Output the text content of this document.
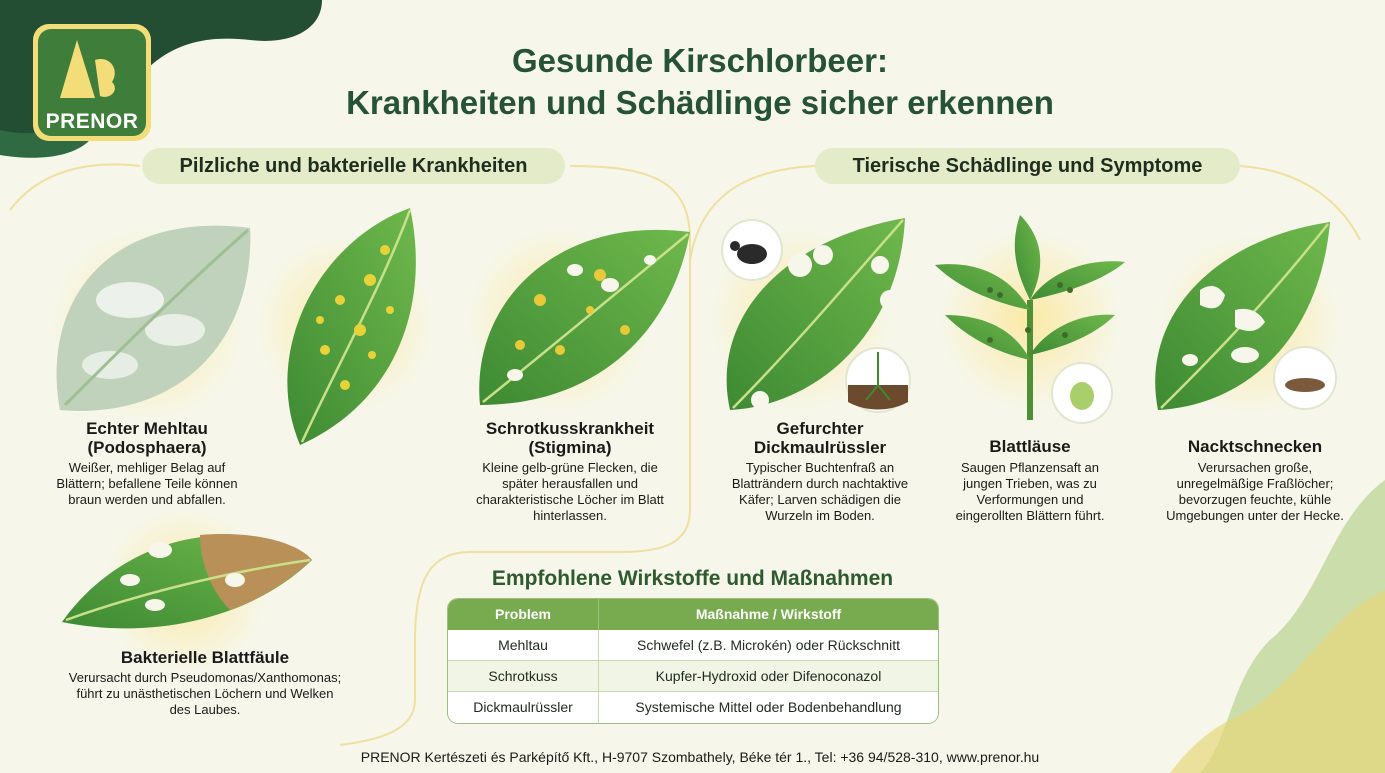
PRENOR
Gesunde Kirschlorbeer:
Krankheiten und Schädlinge sicher erkennen
Pilzliche und bakterielle Krankheiten	Tierische Schädlinge und Symptome
Echter Mehltau
(Podosphaera)
Weißer, mehliger Belag auf
Blättern; befallene Teile können
braun werden und abfallen.
Schrotkusskrankheit
(Stigmina)
Kleine gelb-grüne Flecken, die
später herausfallen und
charakteristische Löcher im Blatt
hinterlassen.
Bakterielle Blattfäule
Verursacht durch Pseudomonas/Xanthomonas;
führt zu unästhetischen Löchern und Welken
des Laubes.
Gefurchter
Dickmaulrüssler
Typischer Buchtenfraß an
Blatträndern durch nachtaktive
Käfer; Larven schädigen die
Wurzeln im Boden.
Blattläuse
Saugen Pflanzensaft an
jungen Trieben, was zu
Verformungen und
eingerollten Blättern führt.
Nacktschnecken
Verursachen große,
unregelmäßige Fraßlöcher;
bevorzugen feuchte, kühle
Umgebungen unter der Hecke.
Empfohlene Wirkstoffe und Maßnahmen
Problem	Maßnahme / Wirkstoff
Mehltau	Schwefel (z.B. Microkén) oder Rückschnitt
Schrotkuss	Kupfer-Hydroxid oder Difenoconazol
Dickmaulrüssler	Systemische Mittel oder Bodenbehandlung
PRENOR Kertészeti és Parképítő Kft., H-9707 Szombathely, Béke tér 1., Tel: +36 94/528-310, www.prenor.hu
